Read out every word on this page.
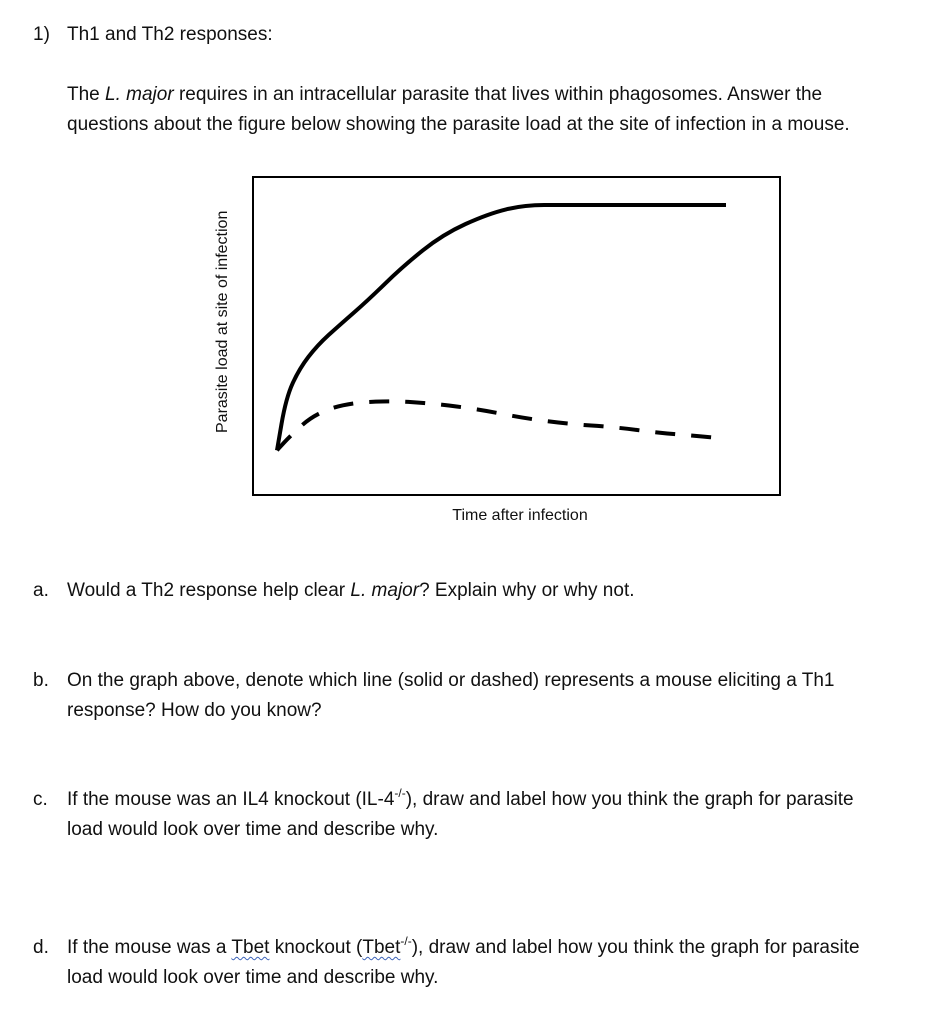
1) Th1 and Th2 responses:
The L. major requires in an intracellular parasite that lives within phagosomes. Answer the
questions about the figure below showing the parasite load at the site of infection in a mouse.
Parasite load at site of infection
Time after infection
a. Would a Th2 response help clear L. major? Explain why or why not.
b. On the graph above, denote which line (solid or dashed) represents a mouse eliciting a Th1
response? How do you know?
c. If the mouse was an IL4 knockout (IL-4-/-), draw and label how you think the graph for parasite
load would look over time and describe why.
d. If the mouse was a Tbet knockout (Tbet-/-), draw and label how you think the graph for parasite
load would look over time and describe why.
